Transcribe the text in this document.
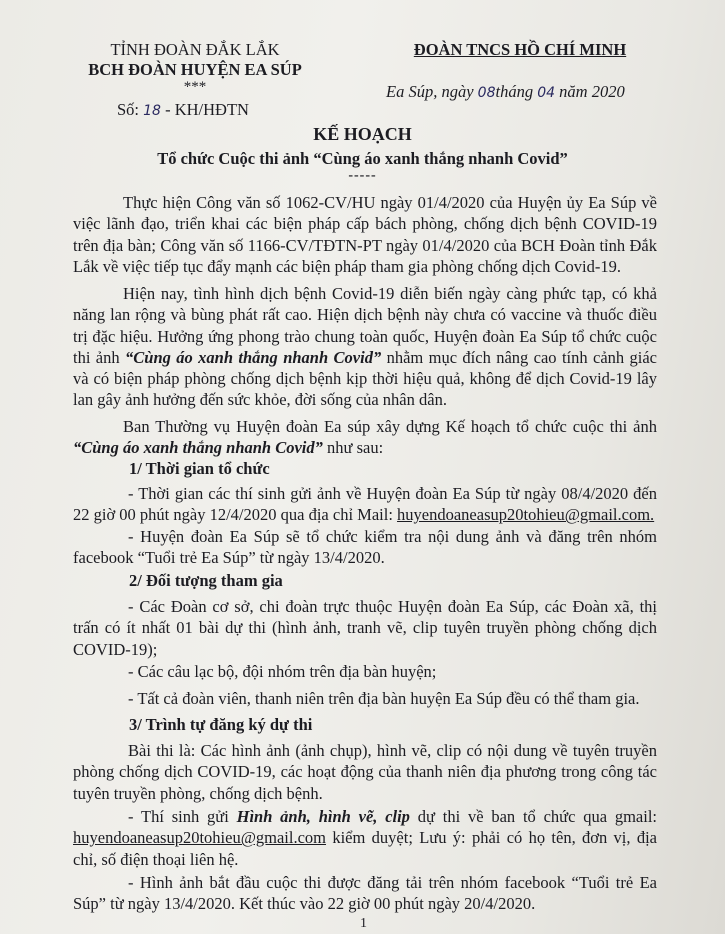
TỈNH ĐOÀN ĐẮK LẮK
BCH ĐOÀN HUYỆN EA SÚP
***
Số: 18 - KH/HĐTN
ĐOÀN TNCS HỒ CHÍ MINH
Ea Súp, ngày 08tháng 04 năm 2020
KẾ HOẠCH
Tổ chức Cuộc thi ảnh “Cùng áo xanh thắng nhanh Covid”
-----
Thực hiện Công văn số 1062-CV/HU ngày 01/4/2020 của Huyện ủy Ea Súp về việc lãnh đạo, triển khai các biện pháp cấp bách phòng, chống dịch bệnh COVID-19 trên địa bàn; Công văn số 1166-CV/TĐTN-PT ngày 01/4/2020 của BCH Đoàn tỉnh Đắk Lắk về việc tiếp tục đẩy mạnh các biện pháp tham gia phòng chống dịch Covid-19.
Hiện nay, tình hình dịch bệnh Covid-19 diễn biến ngày càng phức tạp, có khả năng lan rộng và bùng phát rất cao. Hiện dịch bệnh này chưa có vaccine và thuốc điều trị đặc hiệu. Hưởng ứng phong trào chung toàn quốc, Huyện đoàn Ea Súp tổ chức cuộc thi ảnh “Cùng áo xanh thắng nhanh Covid” nhằm mục đích nâng cao tính cảnh giác và có biện pháp phòng chống dịch bệnh kịp thời hiệu quả, không để dịch Covid-19 lây lan gây ảnh hưởng đến sức khỏe, đời sống của nhân dân.
Ban Thường vụ Huyện đoàn Ea súp xây dựng Kế hoạch tổ chức cuộc thi ảnh “Cùng áo xanh thắng nhanh Covid” như sau:
1/ Thời gian tổ chức
- Thời gian các thí sinh gửi ảnh về Huyện đoàn Ea Súp từ ngày 08/4/2020 đến 22 giờ 00 phút ngày 12/4/2020 qua địa chỉ Mail: huyendoaneasup20tohieu@gmail.com.
- Huyện đoàn Ea Súp sẽ tổ chức kiểm tra nội dung ảnh và đăng trên nhóm facebook “Tuổi trẻ Ea Súp” từ ngày 13/4/2020.
2/ Đối tượng tham gia
- Các Đoàn cơ sở, chi đoàn trực thuộc Huyện đoàn Ea Súp, các Đoàn xã, thị trấn có ít nhất 01 bài dự thi (hình ảnh, tranh vẽ, clip tuyên truyền phòng chống dịch COVID-19);
- Các câu lạc bộ, đội nhóm trên địa bàn huyện;
- Tất cả đoàn viên, thanh niên trên địa bàn huyện Ea Súp đều có thể tham gia.
3/ Trình tự đăng ký dự thi
Bài thi là: Các hình ảnh (ảnh chụp), hình vẽ, clip có nội dung về tuyên truyền phòng chống dịch COVID-19, các hoạt động của thanh niên địa phương trong công tác tuyên truyền phòng, chống dịch bệnh.
- Thí sinh gửi Hình ảnh, hình vẽ, clip dự thi về ban tổ chức qua gmail: huyendoaneasup20tohieu@gmail.com kiểm duyệt; Lưu ý: phải có họ tên, đơn vị, địa chỉ, số điện thoại liên hệ.
- Hình ảnh bắt đầu cuộc thi được đăng tải trên nhóm facebook “Tuổi trẻ Ea Súp” từ ngày 13/4/2020. Kết thúc vào 22 giờ 00 phút ngày 20/4/2020.
1
